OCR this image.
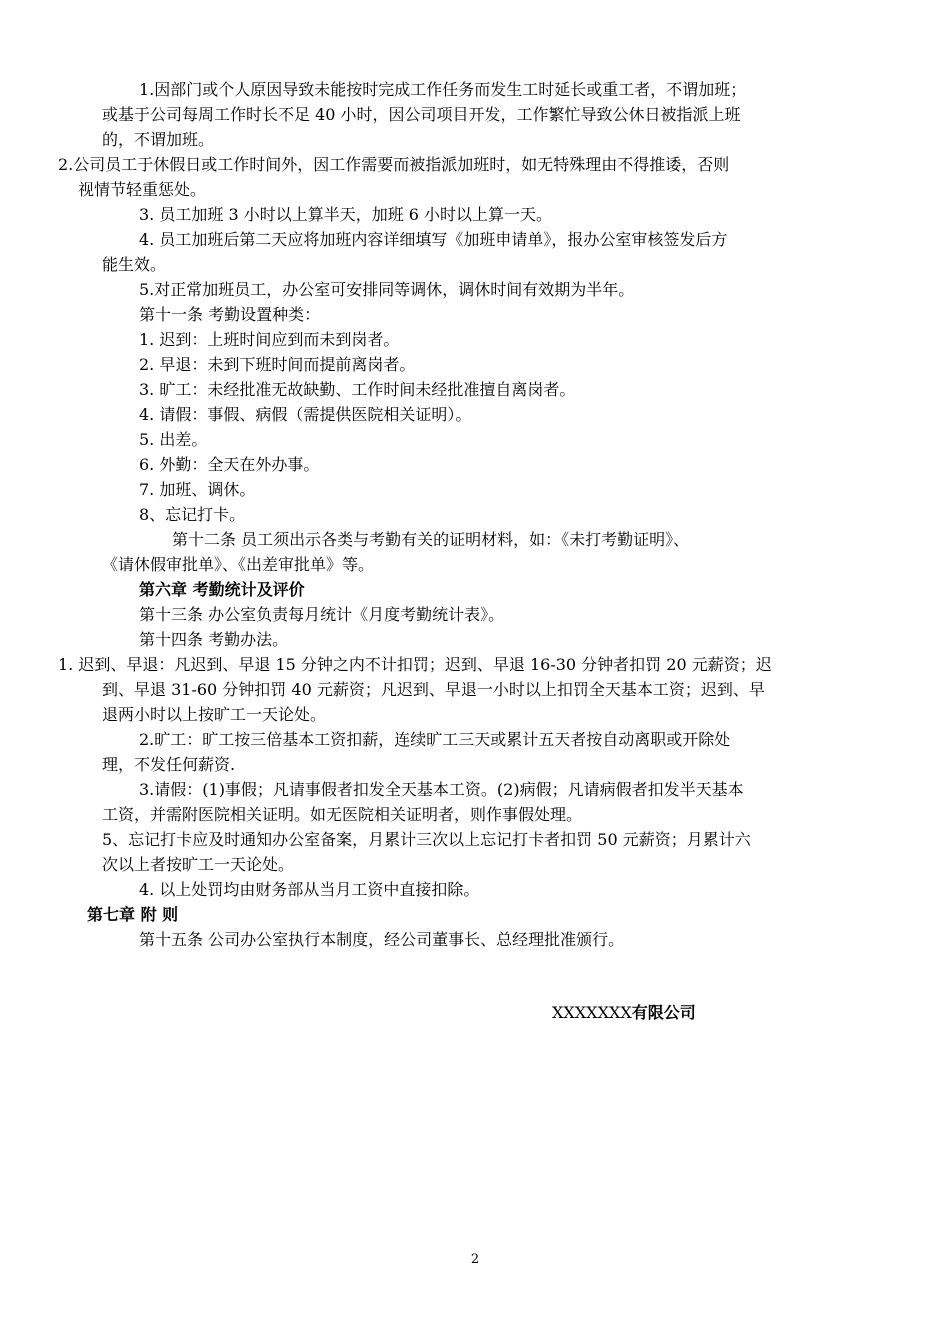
1.因部门或个人原因导致未能按时完成工作任务而发生工时延长或重工者，不谓加班；
或基于公司每周工作时长不足 40 小时，因公司项目开发，工作繁忙导致公休日被指派上班
的，不谓加班。
2.公司员工于休假日或工作时间外，因工作需要而被指派加班时，如无特殊理由不得推诿，否则
视情节轻重惩处。
3. 员工加班 3 小时以上算半天，加班 6 小时以上算一天。
4. 员工加班后第二天应将加班内容详细填写《加班申请单》，报办公室审核签发后方
能生效。
5.对正常加班员工，办公室可安排同等调休，调休时间有效期为半年。
第十一条 考勤设置种类：
1. 迟到：上班时间应到而未到岗者。
2. 早退：未到下班时间而提前离岗者。
3. 旷工：未经批准无故缺勤、工作时间未经批准擅自离岗者。
4. 请假：事假、病假（需提供医院相关证明）。
5. 出差。
6. 外勤：全天在外办事。
7. 加班、调休。
8、忘记打卡。
第十二条 员工须出示各类与考勤有关的证明材料，如：《未打考勤证明》、
《请休假审批单》、《出差审批单》等。
第六章 考勤统计及评价
第十三条 办公室负责每月统计《月度考勤统计表》。
第十四条 考勤办法。
1. 迟到、早退：凡迟到、早退 15 分钟之内不计扣罚；迟到、早退 16-30 分钟者扣罚 20 元薪资；迟
到、早退 31-60 分钟扣罚 40 元薪资；凡迟到、早退一小时以上扣罚全天基本工资；迟到、早
退两小时以上按旷工一天论处。
2.旷工：旷工按三倍基本工资扣薪，连续旷工三天或累计五天者按自动离职或开除处
理，不发任何薪资.
3.请假：(1)事假；凡请事假者扣发全天基本工资。(2)病假；凡请病假者扣发半天基本
工资，并需附医院相关证明。如无医院相关证明者，则作事假处理。
5、忘记打卡应及时通知办公室备案，月累计三次以上忘记打卡者扣罚 50 元薪资；月累计六
次以上者按旷工一天论处。
4. 以上处罚均由财务部从当月工资中直接扣除。
第七章 附 则
第十五条 公司办公室执行本制度，经公司董事长、总经理批准颁行。
XXXXXXX有限公司
2
